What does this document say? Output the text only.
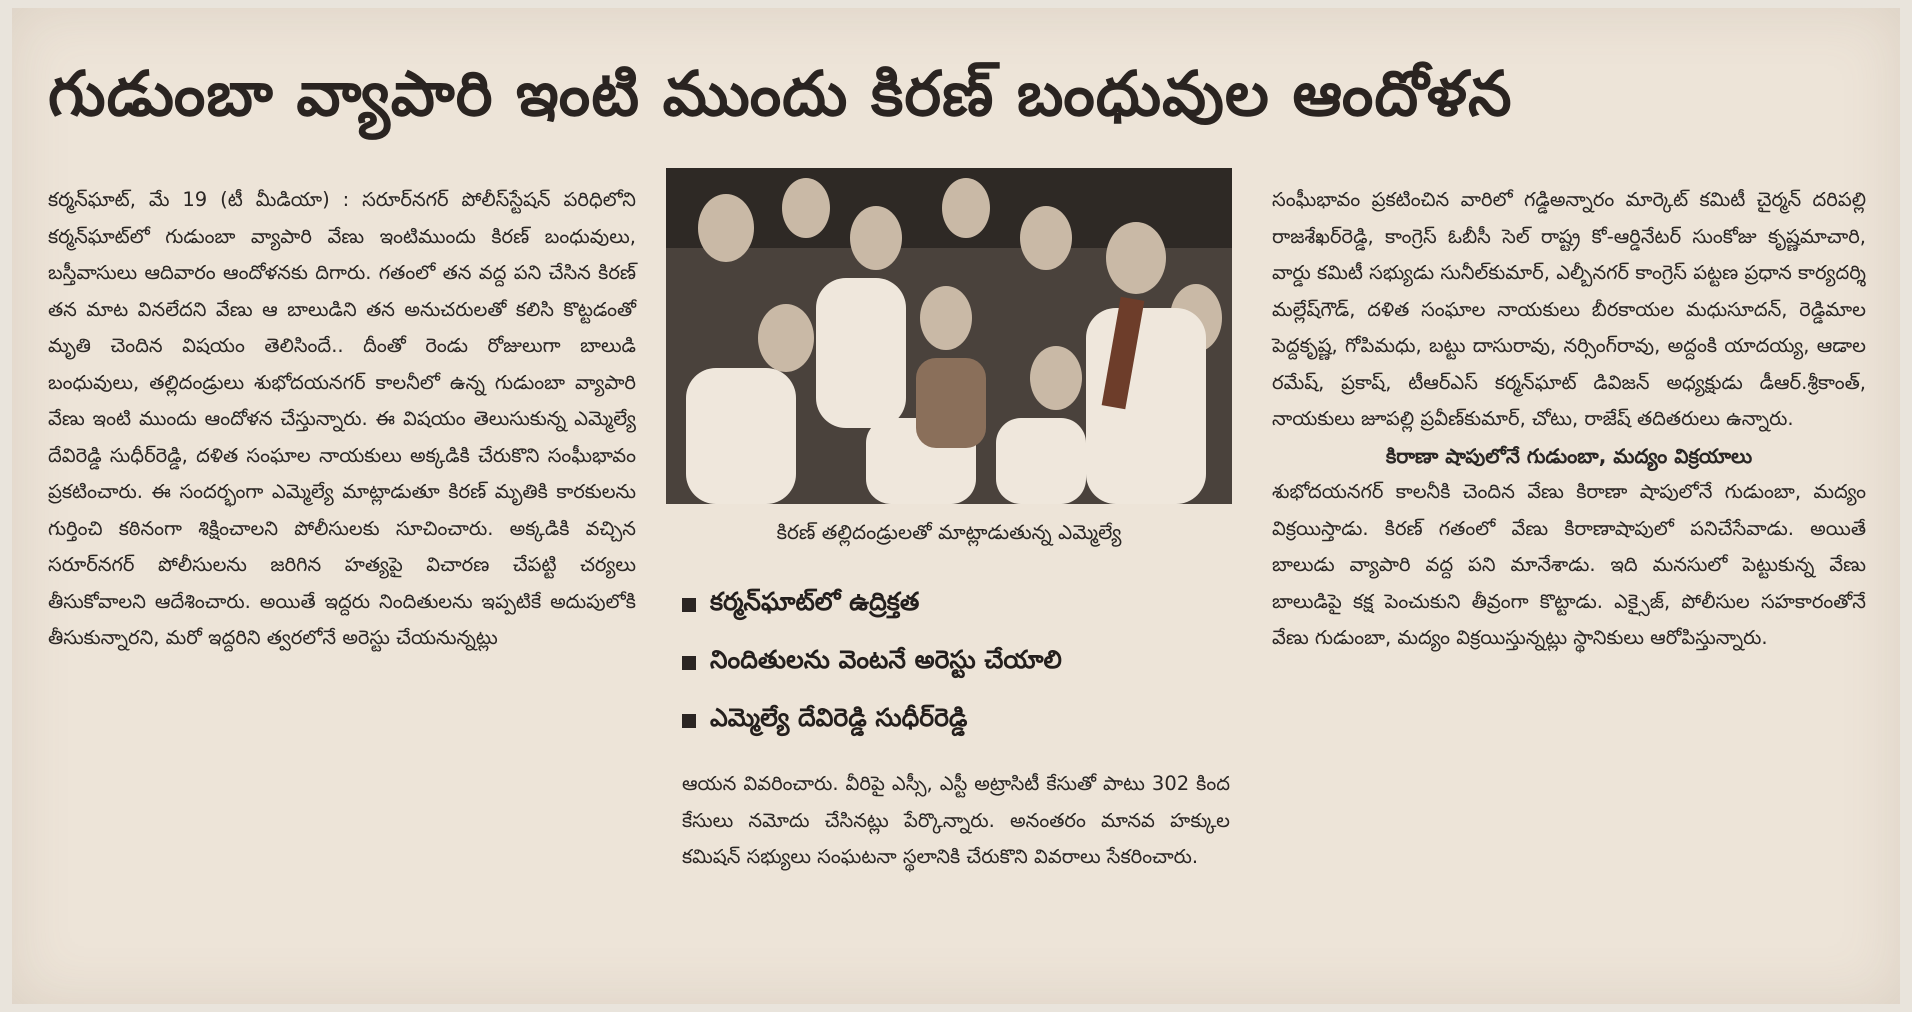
గుడుంబా వ్యాపారి ఇంటి ముందు కిరణ్ బంధువుల ఆందోళన

కర్మన్‌ఘాట్, మే 19 (టీ మీడియా) : సరూర్‌నగర్ పోలీస్‌స్టేషన్ పరిధిలోని కర్మన్‌ఘాట్‌లో గుడుంబా వ్యాపారి వేణు ఇంటిముందు కిరణ్ బంధువులు, బస్తీవాసులు ఆదివారం ఆందోళనకు దిగారు. గతంలో తన వద్ద పని చేసిన కిరణ్ తన మాట వినలేదని వేణు ఆ బాలుడిని తన అనుచరులతో కలిసి కొట్టడంతో మృతి చెందిన విషయం తెలిసిందే.. దీంతో రెండు రోజులుగా బాలుడి బంధువులు, తల్లిదండ్రులు శుభోదయనగర్ కాలనీలో ఉన్న గుడుంబా వ్యాపారి వేణు ఇంటి ముందు ఆందోళన చేస్తున్నారు. ఈ విషయం తెలుసుకున్న ఎమ్మెల్యే దేవిరెడ్డి సుధీర్‌రెడ్డి, దళిత సంఘాల నాయకులు అక్కడికి చేరుకొని సంఘీభావం ప్రకటించారు. ఈ సందర్భంగా ఎమ్మెల్యే మాట్లాడుతూ కిరణ్ మృతికి కారకులను గుర్తించి కఠినంగా శిక్షించాలని పోలీసులకు సూచించారు. అక్కడికి వచ్చిన సరూర్‌నగర్ పోలీసులను జరిగిన హత్యపై విచారణ చేపట్టి చర్యలు తీసుకోవాలని ఆదేశించారు. అయితే ఇద్దరు నిందితులను ఇప్పటికే అదుపులోకి తీసుకున్నారని, మరో ఇద్దరిని త్వరలోనే అరెస్టు చేయనున్నట్లు

కిరణ్ తల్లిదండ్రులతో మాట్లాడుతున్న ఎమ్మెల్యే
కర్మన్‌ఘాట్‌లో ఉద్రిక్తత
నిందితులను వెంటనే అరెస్టు చేయాలి
ఎమ్మెల్యే దేవిరెడ్డి సుధీర్‌రెడ్డి

ఆయన వివరించారు. వీరిపై ఎస్సీ, ఎస్టీ అట్రాసిటీ కేసుతో పాటు 302 కింద కేసులు నమోదు చేసినట్లు పేర్కొన్నారు. అనంతరం మానవ హక్కుల కమిషన్ సభ్యులు సంఘటనా స్థలానికి చేరుకొని వివరాలు సేకరించారు.

సంఘీభావం ప్రకటించిన వారిలో గడ్డిఅన్నారం మార్కెట్ కమిటీ చైర్మన్ దరిపల్లి రాజశేఖర్‌రెడ్డి, కాంగ్రెస్ ఓబీసీ సెల్ రాష్ట్ర కో-ఆర్డినేటర్ సుంకోజు కృష్ణమాచారి, వార్డు కమిటీ సభ్యుడు సునీల్‌కుమార్, ఎల్బీనగర్ కాంగ్రెస్ పట్టణ ప్రధాన కార్యదర్శి మల్లేష్‌గౌడ్, దళిత సంఘాల నాయకులు బీరకాయల మధుసూదన్, రెడ్డిమాల పెద్దకృష్ణ, గోపిమధు, బట్టు దాసురావు, నర్సింగ్‌రావు, అద్దంకి యాదయ్య, ఆడాల రమేష్, ప్రకాష్, టీఆర్‌ఎస్ కర్మన్‌ఘాట్ డివిజన్ అధ్యక్షుడు డీఆర్.శ్రీకాంత్, నాయకులు జూపల్లి ప్రవీణ్‌కుమార్, చోటు, రాజేష్ తదితరులు ఉన్నారు.

కిరాణా షాపులోనే గుడుంబా, మద్యం విక్రయాలు

శుభోదయనగర్ కాలనీకి చెందిన వేణు కిరాణా షాపులోనే గుడుంబా, మద్యం విక్రయిస్తాడు. కిరణ్ గతంలో వేణు కిరాణాషాపులో పనిచేసేవాడు. అయితే బాలుడు వ్యాపారి వద్ద పని మానేశాడు. ఇది మనసులో పెట్టుకున్న వేణు బాలుడిపై కక్ష పెంచుకుని తీవ్రంగా కొట్టాడు. ఎక్సైజ్, పోలీసుల సహకారంతోనే వేణు గుడుంబా, మద్యం విక్రయిస్తున్నట్లు స్థానికులు ఆరోపిస్తున్నారు.
